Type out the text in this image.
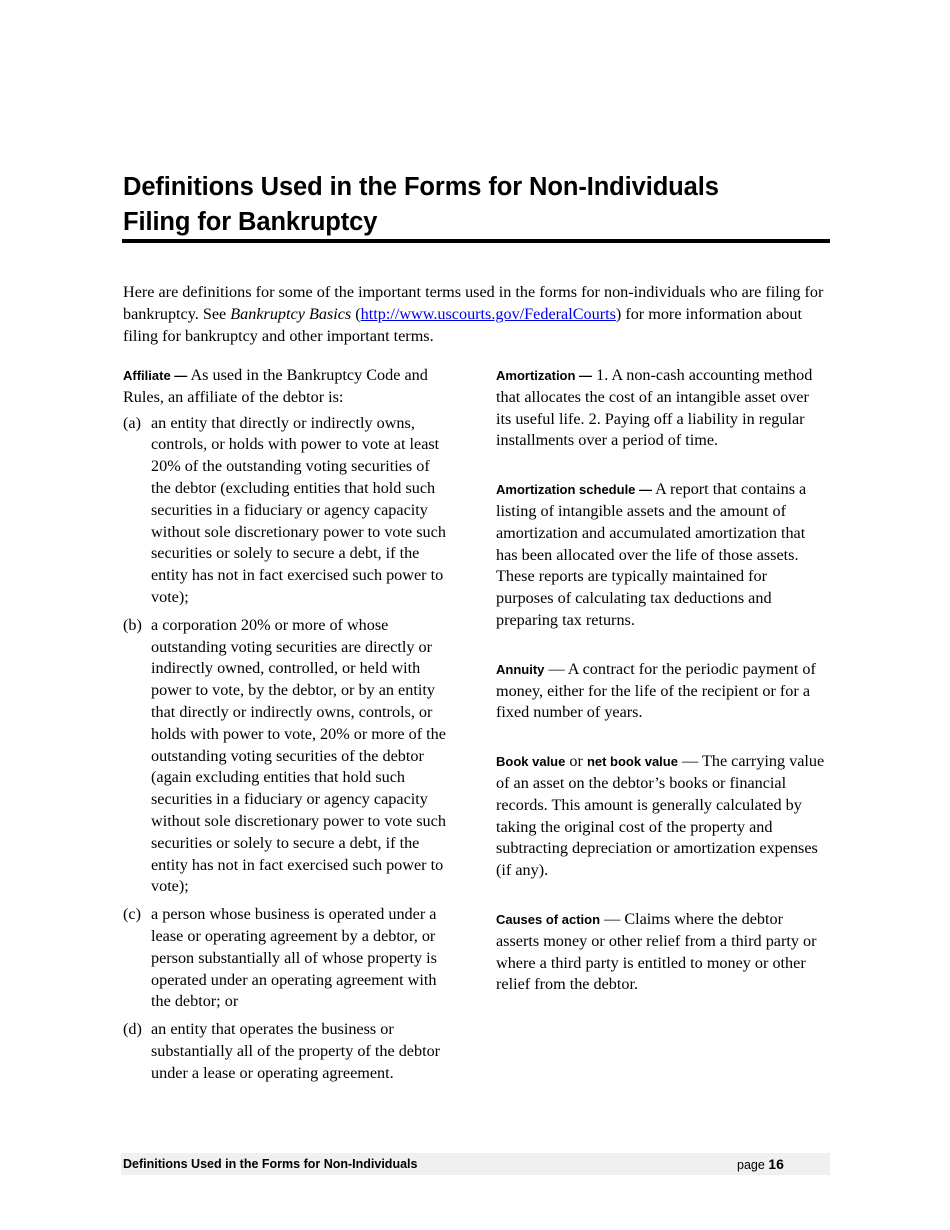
Definitions Used in the Forms for Non-Individuals
Filing for Bankruptcy

Here are definitions for some of the important terms used in the forms for non-individuals who are filing for bankruptcy. See Bankruptcy Basics (http://www.uscourts.gov/FederalCourts) for more information about filing for bankruptcy and other important terms.

Affiliate — As used in the Bankruptcy Code and Rules, an affiliate of the debtor is:

(a) an entity that directly or indirectly owns, controls, or holds with power to vote at least 20% of the outstanding voting securities of the debtor (excluding entities that hold such securities in a fiduciary or agency capacity without sole discretionary power to vote such securities or solely to secure a debt, if the entity has not in fact exercised such power to vote);
(b) a corporation 20% or more of whose outstanding voting securities are directly or indirectly owned, controlled, or held with power to vote, by the debtor, or by an entity that directly or indirectly owns, controls, or holds with power to vote, 20% or more of the outstanding voting securities of the debtor (again excluding entities that hold such securities in a fiduciary or agency capacity without sole discretionary power to vote such securities or solely to secure a debt, if the entity has not in fact exercised such power to vote);
(c) a person whose business is operated under a lease or operating agreement by a debtor, or person substantially all of whose property is operated under an operating agreement with the debtor; or
(d) an entity that operates the business or substantially all of the property of the debtor under a lease or operating agreement.

Amortization — 1. A non-cash accounting method that allocates the cost of an intangible asset over its useful life. 2. Paying off a liability in regular installments over a period of time.

Amortization schedule — A report that contains a listing of intangible assets and the amount of amortization and accumulated amortization that has been allocated over the life of those assets. These reports are typically maintained for purposes of calculating tax deductions and preparing tax returns.

Annuity — A contract for the periodic payment of money, either for the life of the recipient or for a fixed number of years.

Book value or net book value — The carrying value of an asset on the debtor’s books or financial records. This amount is generally calculated by taking the original cost of the property and subtracting depreciation or amortization expenses (if any).

Causes of action — Claims where the debtor asserts money or other relief from a third party or where a third party is entitled to money or other relief from the debtor.

Definitions Used in the Forms for Non-Individuals	page 16
